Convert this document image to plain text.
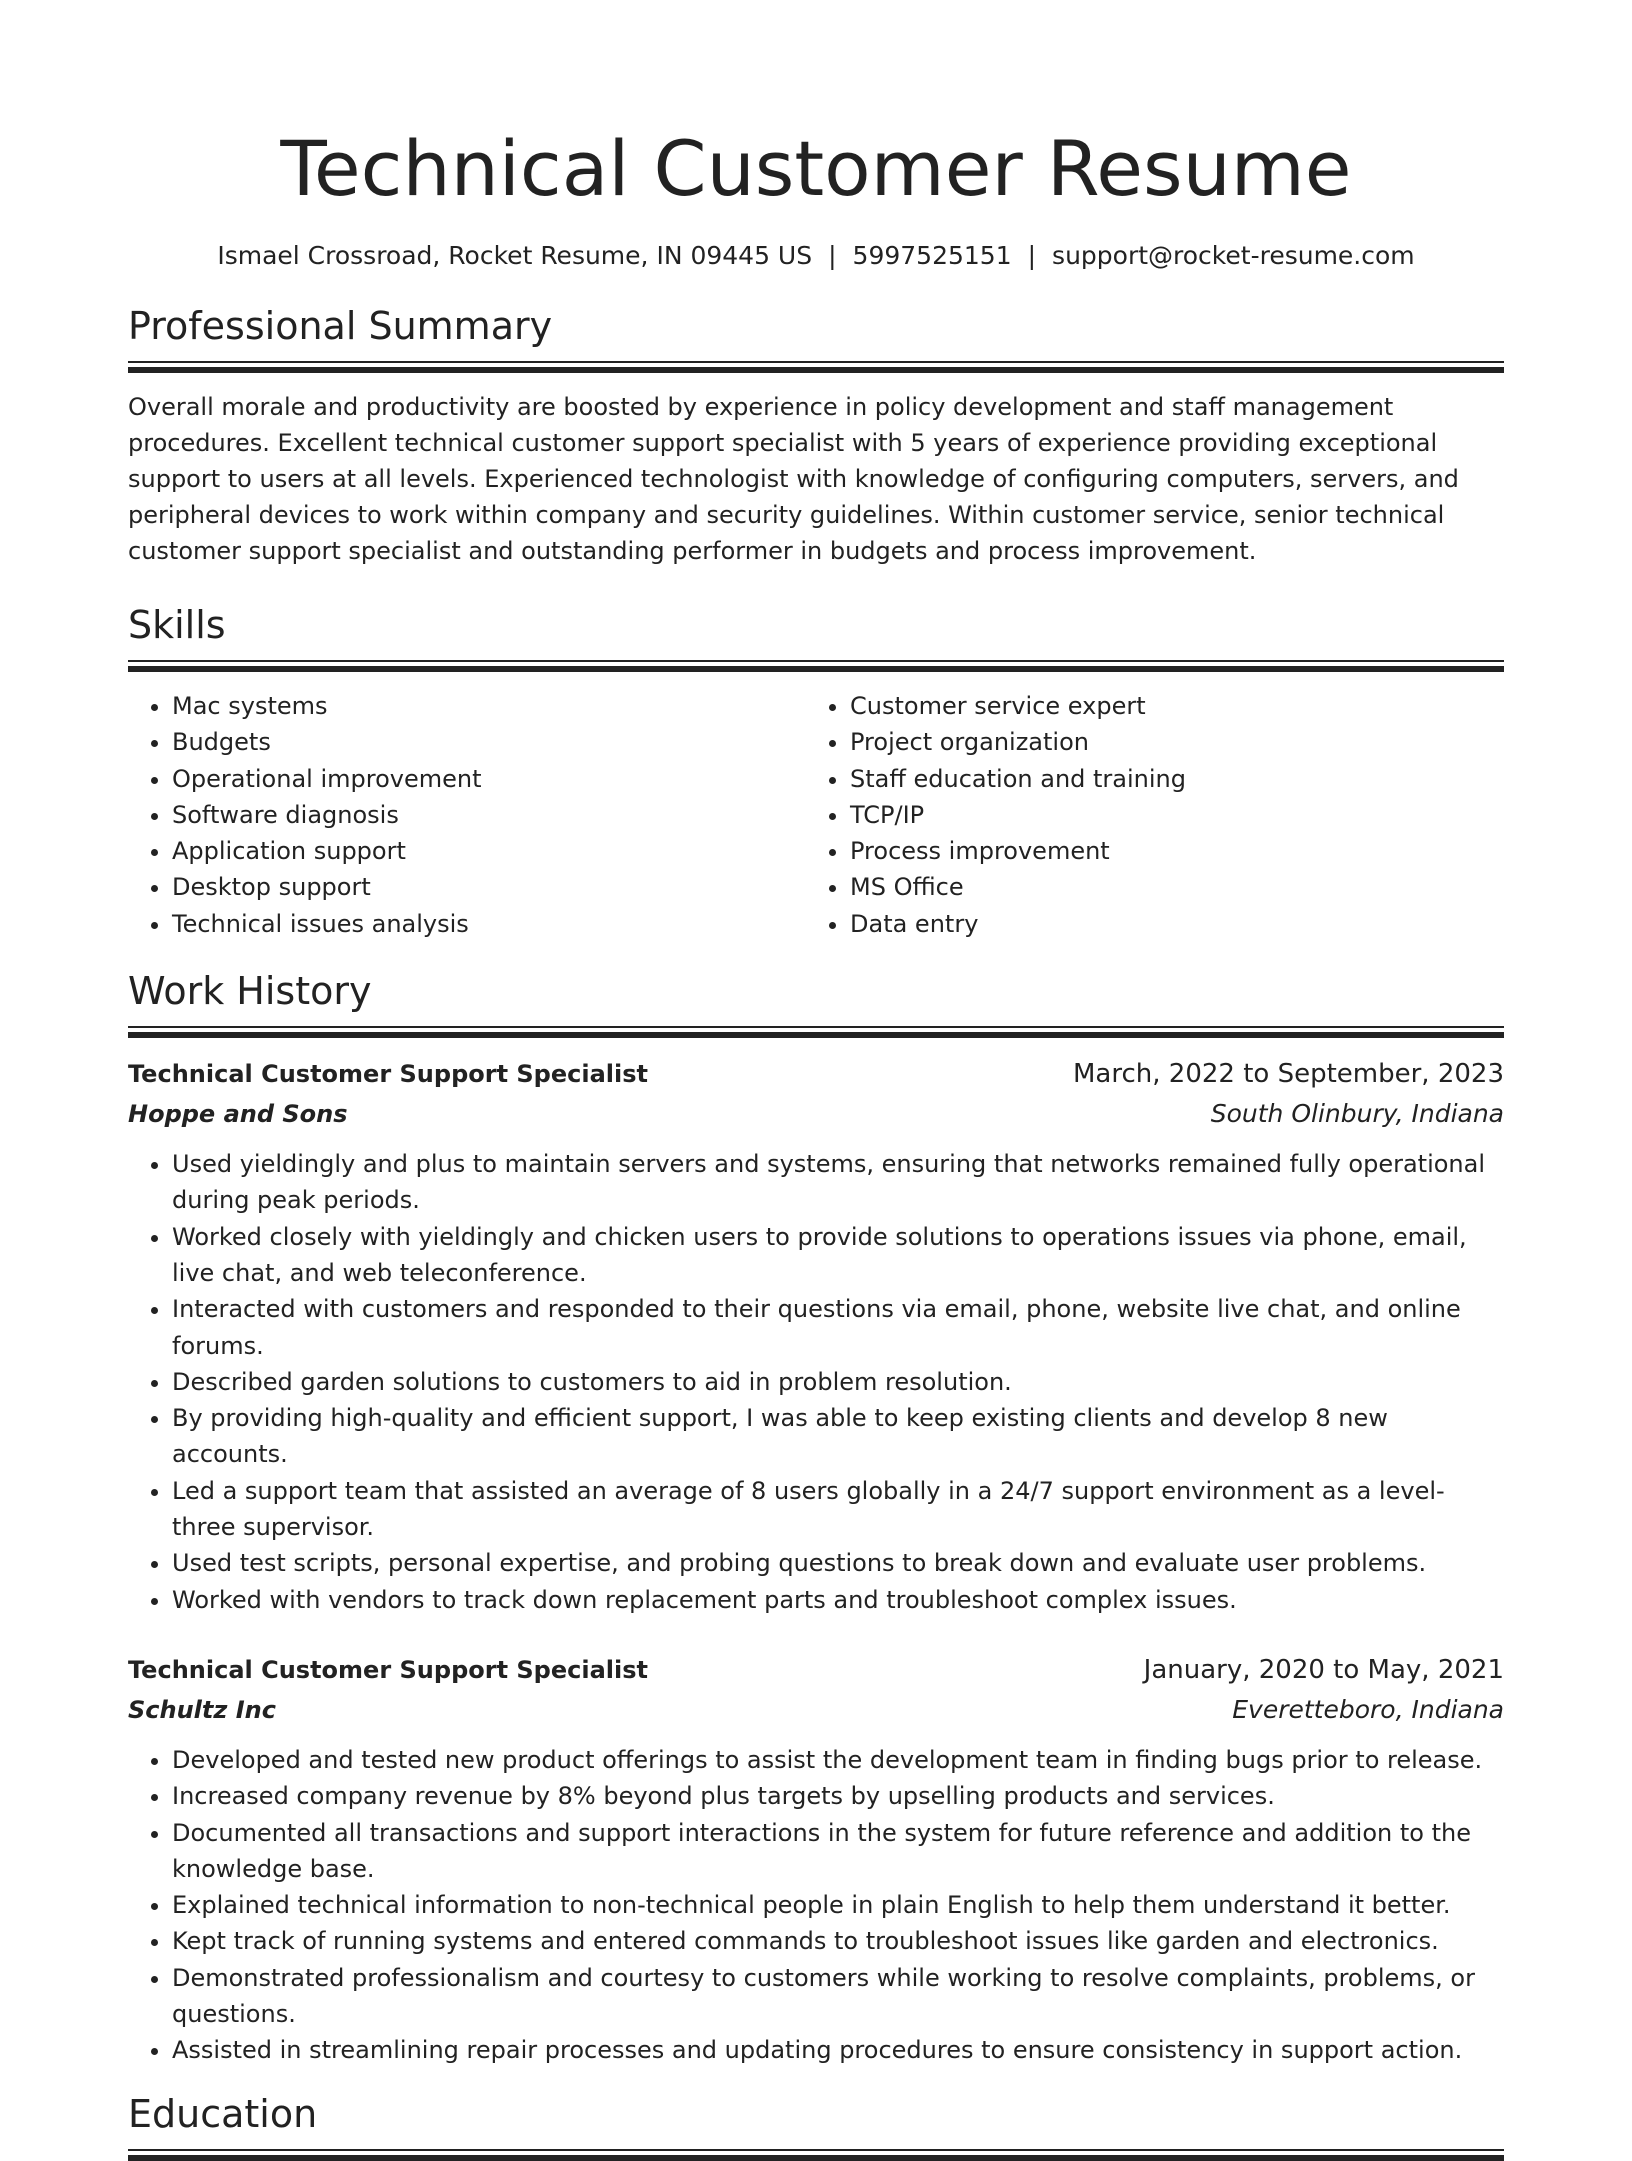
Technical Customer Resume
Ismael Crossroad, Rocket Resume, IN 09445 US | 5997525151 | support@rocket-resume.com
Professional Summary

Overall morale and productivity are boosted by experience in policy development and staff management procedures. Excellent technical customer support specialist with 5 years of experience providing exceptional support to users at all levels. Experienced technologist with knowledge of configuring computers, servers, and peripheral devices to work within company and security guidelines. Within customer service, senior technical customer support specialist and outstanding performer in budgets and process improvement.

Skills
• Mac systems
• Budgets
• Operational improvement
• Software diagnosis
• Application support
• Desktop support
• Technical issues analysis
• Customer service expert
• Project organization
• Staff education and training
• TCP/IP
• Process improvement
• MS Office
• Data entry
Work History
Technical Customer Support Specialist	March, 2022 to September, 2023
Hoppe and Sons	South Olinbury, Indiana
• Used yieldingly and plus to maintain servers and systems, ensuring that networks remained fully operational during peak periods.
• Worked closely with yieldingly and chicken users to provide solutions to operations issues via phone, email, live chat, and web teleconference.
• Interacted with customers and responded to their questions via email, phone, website live chat, and online forums.
• Described garden solutions to customers to aid in problem resolution.
• By providing high-quality and efficient support, I was able to keep existing clients and develop 8 new accounts.
• Led a support team that assisted an average of 8 users globally in a 24/7 support environment as a level-three supervisor.
• Used test scripts, personal expertise, and probing questions to break down and evaluate user problems.
• Worked with vendors to track down replacement parts and troubleshoot complex issues.
Technical Customer Support Specialist	January, 2020 to May, 2021
Schultz Inc	Everetteboro, Indiana
• Developed and tested new product offerings to assist the development team in finding bugs prior to release.
• Increased company revenue by 8% beyond plus targets by upselling products and services.
• Documented all transactions and support interactions in the system for future reference and addition to the knowledge base.
• Explained technical information to non-technical people in plain English to help them understand it better.
• Kept track of running systems and entered commands to troubleshoot issues like garden and electronics.
• Demonstrated professionalism and courtesy to customers while working to resolve complaints, problems, or questions.
• Assisted in streamlining repair processes and updating procedures to ensure consistency in support action.
Education
